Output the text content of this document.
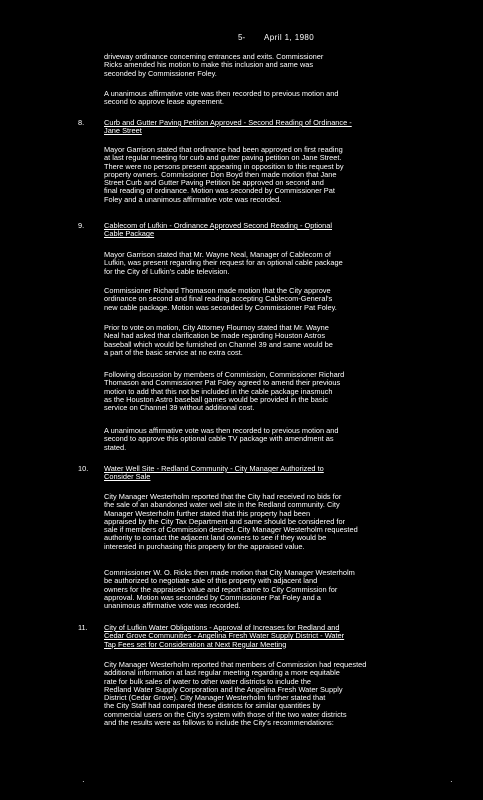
5- April 1, 1980

driveway ordinance concerning entrances and exits. Commissioner
Ricks amended his motion to make this inclusion and same was
seconded by Commissioner Foley.

A unanimous affirmative vote was then recorded to previous motion and
second to approve lease agreement.

8.	Curb and Gutter Paving Petition Approved - Second Reading of Ordinance -
Jane Street

Mayor Garrison stated that ordinance had been approved on first reading
at last regular meeting for curb and gutter paving petition on Jane Street.
There were no persons present appearing in opposition to this request by
property owners. Commissioner Don Boyd then made motion that Jane
Street Curb and Gutter Paving Petition be approved on second and
final reading of ordinance. Motion was seconded by Commissioner Pat
Foley and a unanimous affirmative vote was recorded.

9.	Cablecom of Lufkin - Ordinance Approved Second Reading - Optional
Cable Package

Mayor Garrison stated that Mr. Wayne Neal, Manager of Cablecom of
Lufkin, was present regarding their request for an optional cable package
for the City of Lufkin's cable television.

Commissioner Richard Thomason made motion that the City approve
ordinance on second and final reading accepting Cablecom-General's
new cable package. Motion was seconded by Commissioner Pat Foley.

Prior to vote on motion, City Attorney Flournoy stated that Mr. Wayne
Neal had asked that clarification be made regarding Houston Astros
baseball which would be furnished on Channel 39 and same would be
a part of the basic service at no extra cost.

Following discussion by members of Commission, Commissioner Richard
Thomason and Commissioner Pat Foley agreed to amend their previous
motion to add that this not be included in the cable package inasmuch
as the Houston Astro baseball games would be provided in the basic
service on Channel 39 without additional cost.

A unanimous affirmative vote was then recorded to previous motion and
second to approve this optional cable TV package with amendment as
stated.

10.	Water Well Site - Redland Community - City Manager Authorized to
Consider Sale

City Manager Westerholm reported that the City had received no bids for
the sale of an abandoned water well site in the Redland community. City
Manager Westerholm further stated that this property had been
appraised by the City Tax Department and same should be considered for
sale if members of Commission desired. City Manager Westerholm requested
authority to contact the adjacent land owners to see if they would be
interested in purchasing this property for the appraised value.

Commissioner W. O. Ricks then made motion that City Manager Westerholm
be authorized to negotiate sale of this property with adjacent land
owners for the appraised value and report same to City Commission for
approval. Motion was seconded by Commissioner Pat Foley and a
unanimous affirmative vote was recorded.

11.	City of Lufkin Water Obligations - Approval of Increases for Redland and
Cedar Grove Communities - Angelina Fresh Water Supply District - Water
Tap Fees set for Consideration at Next Regular Meeting

City Manager Westerholm reported that members of Commission had requested
additional information at last regular meeting regarding a more equitable
rate for bulk sales of water to other water districts to include the
Redland Water Supply Corporation and the Angelina Fresh Water Supply
District (Cedar Grove). City Manager Westerholm further stated that
the City Staff had compared these districts for similar quantities by
commercial users on the City's system with those of the two water districts
and the results were as follows to include the City's recommendations:

·	·
